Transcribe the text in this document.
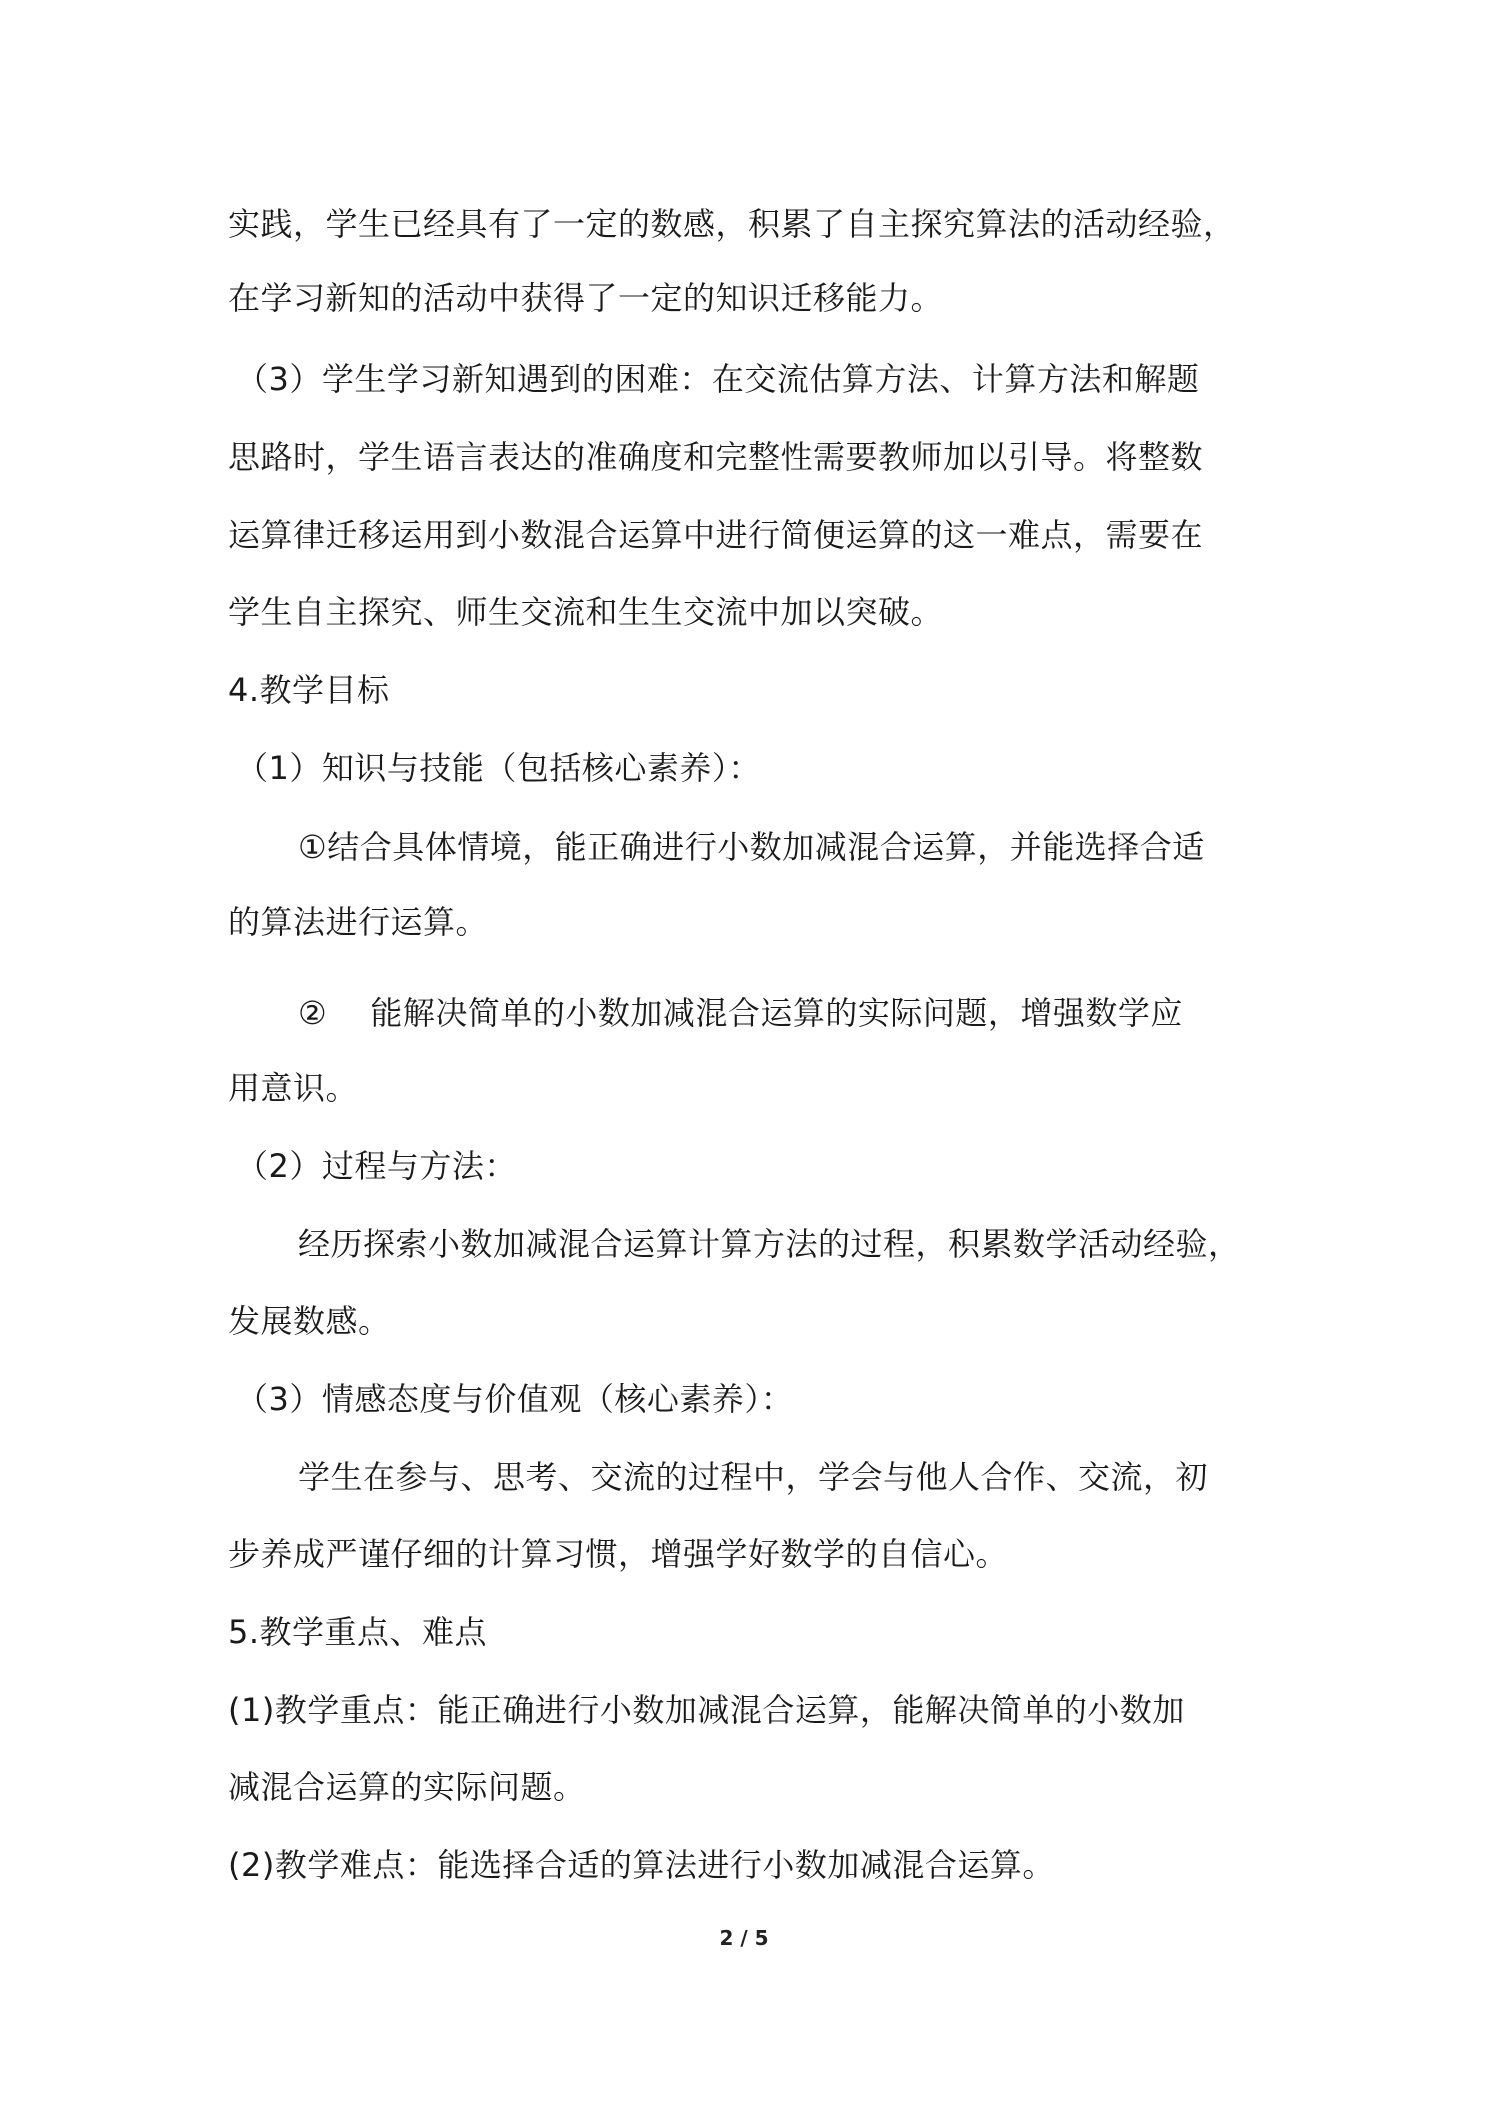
实践，学生已经具有了一定的数感，积累了自主探究算法的活动经验，
在学习新知的活动中获得了一定的知识迁移能力。
（3）学生学习新知遇到的困难：在交流估算方法、计算方法和解题
思路时，学生语言表达的准确度和完整性需要教师加以引导。将整数
运算律迁移运用到小数混合运算中进行简便运算的这一难点，需要在
学生自主探究、师生交流和生生交流中加以突破。
4.教学目标
（1）知识与技能（包括核心素养）：
①结合具体情境，能正确进行小数加减混合运算，并能选择合适
的算法进行运算。
②　 能解决简单的小数加减混合运算的实际问题，增强数学应
用意识。
（2）过程与方法：
经历探索小数加减混合运算计算方法的过程，积累数学活动经验，
发展数感。
（3）情感态度与价值观（核心素养）：
学生在参与、思考、交流的过程中，学会与他人合作、交流，初
步养成严谨仔细的计算习惯，增强学好数学的自信心。
5.教学重点、难点
(1)教学重点：能正确进行小数加减混合运算，能解决简单的小数加
减混合运算的实际问题。
(2)教学难点：能选择合适的算法进行小数加减混合运算。
2 / 5
